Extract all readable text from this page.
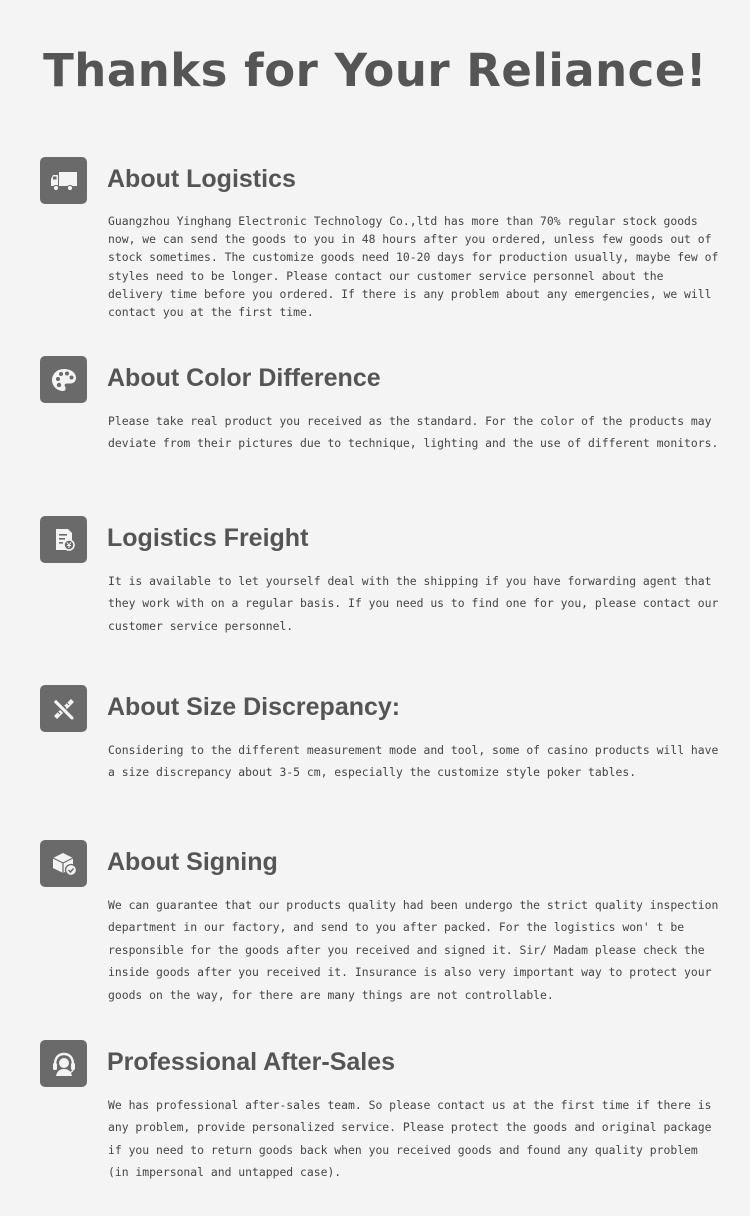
Thanks for Your Reliance!
About Logistics

Guangzhou Yinghang Electronic Technology Co.,ltd has more than 70% regular stock goods now, we can send the goods to you in 48 hours after you ordered, unless few goods out of stock sometimes. The customize goods need 10-20 days for production usually, maybe few of styles need to be longer. Please contact our customer service personnel about the delivery time before you ordered. If there is any problem about any emergencies, we will contact you at the first time.

About Color Difference

Please take real product you received as the standard. For the color of the products may deviate from their pictures due to technique, lighting and the use of different monitors.

Logistics Freight

It is available to let yourself deal with the shipping if you have forwarding agent that they work with on a regular basis. If you need us to find one for you, please contact our customer service personnel.

About Size Discrepancy:

Considering to the different measurement mode and tool, some of casino products will have a size discrepancy about 3-5 cm, especially the customize style poker tables.

About Signing

We can guarantee that our products quality had been undergo the strict quality inspection department in our factory, and send to you after packed. For the logistics won' t be responsible for the goods after you received and signed it. Sir/ Madam please check the inside goods after you received it. Insurance is also very important way to protect your goods on the way, for there are many things are not controllable.

Professional After-Sales

We has professional after-sales team. So please contact us at the first time if there is any problem, provide personalized service. Please protect the goods and original package if you need to return goods back when you received goods and found any quality problem (in impersonal and untapped case).
